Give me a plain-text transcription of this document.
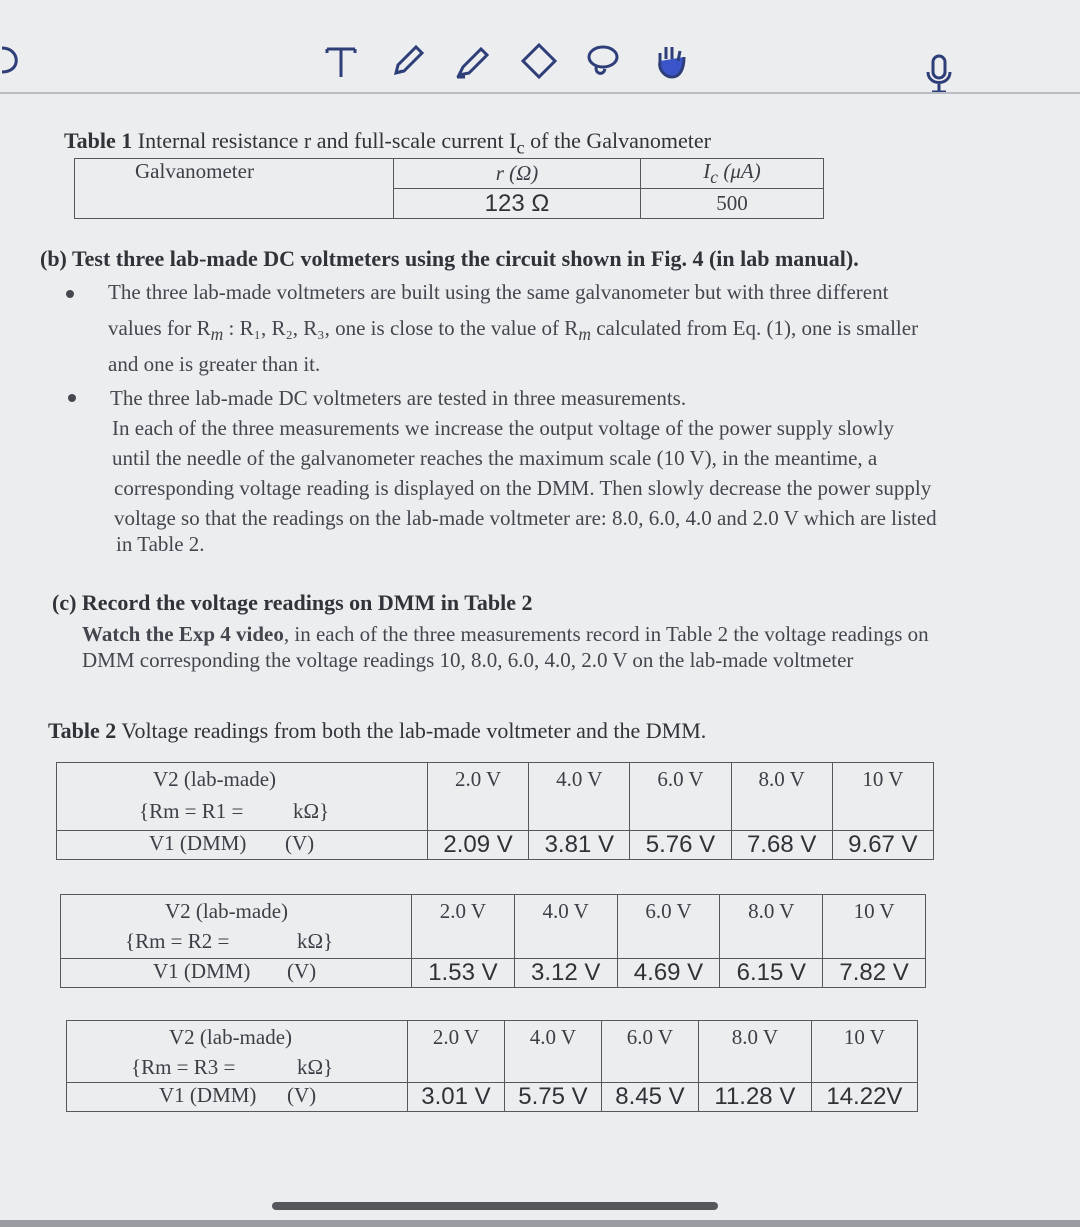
Table 1 Internal resistance r and full-scale current $I_c$ of the Galvanometer
Galvanometer	r (Ω)	$I_c$ (μA)
	123 Ω	500
(b) Test three lab-made DC voltmeters using the circuit shown in Fig. 4 (in lab manual).
The three lab-made voltmeters are built using the same galvanometer but with three different
values for $R_m$ : R₁, R₂, R₃, one is close to the value of $R_m$ calculated from Eq. (1), one is smaller
and one is greater than it.
The three lab-made DC voltmeters are tested in three measurements.
In each of the three measurements we increase the output voltage of the power supply slowly
until the needle of the galvanometer reaches the maximum scale (10 V), in the meantime, a
corresponding voltage reading is displayed on the DMM. Then slowly decrease the power supply
voltage so that the readings on the lab-made voltmeter are: 8.0, 6.0, 4.0 and 2.0 V which are listed
in Table 2.
(c) Record the voltage readings on DMM in Table 2
Watch the Exp 4 video, in each of the three measurements record in Table 2 the voltage readings on
DMM corresponding the voltage readings 10, 8.0, 6.0, 4.0, 2.0 V on the lab-made voltmeter
Table 2 Voltage readings from both the lab-made voltmeter and the DMM.
V2 (lab-made)
{Rm = R1 = kΩ}	2.0 V	4.0 V	6.0 V	8.0 V	10 V

V1 (DMM) (V)	2.09 V	3.81 V	5.76 V	7.68 V	9.67 V
V2 (lab-made)
{Rm = R2 = kΩ}	2.0 V	4.0 V	6.0 V	8.0 V	10 V

V1 (DMM) (V)	1.53 V	3.12 V	4.69 V	6.15 V	7.82 V
V2 (lab-made)
{Rm = R3 = kΩ}	2.0 V	4.0 V	6.0 V	8.0 V	10 V

V1 (DMM) (V)	3.01 V	5.75 V	8.45 V	11.28 V	14.22V
